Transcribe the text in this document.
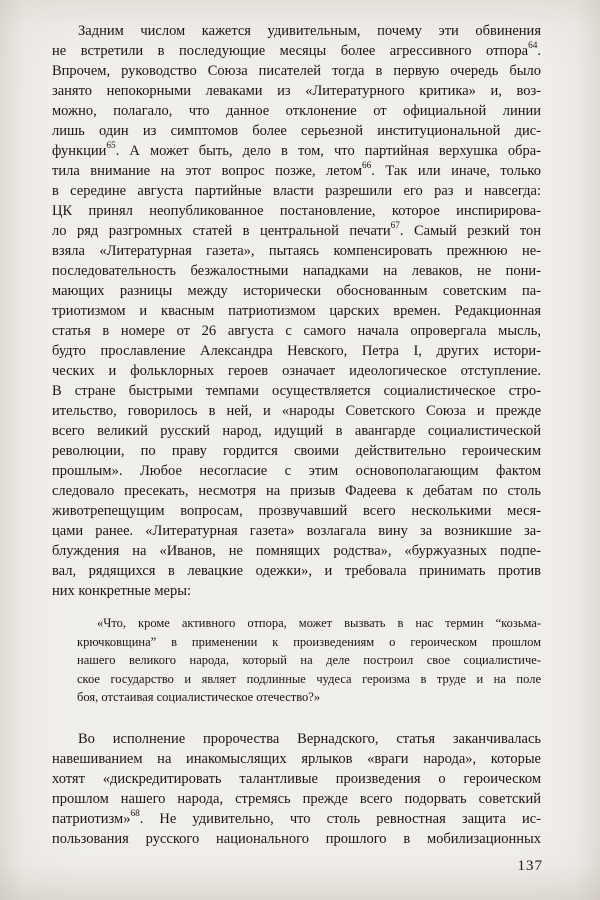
Задним числом кажется удивительным, почему эти обвинения
не встретили в последующие месяцы более агрессивного отпора$^{64}$.
Впрочем, руководство Союза писателей тогда в первую очередь было
занято непокорными леваками из «Литературного критика» и, воз-
можно, полагало, что данное отклонение от официальной линии
лишь один из симптомов более серьезной институциональной дис-
функции$^{65}$. А может быть, дело в том, что партийная верхушка обра-
тила внимание на этот вопрос позже, летом$^{66}$. Так или иначе, только
в середине августа партийные власти разрешили его раз и навсегда:
ЦК принял неопубликованное постановление, которое инспирирова-
ло ряд разгромных статей в центральной печати$^{67}$. Самый резкий тон
взяла «Литературная газета», пытаясь компенсировать прежнюю не-
последовательность безжалостными нападками на леваков, не пони-
мающих разницы между исторически обоснованным советским па-
триотизмом и квасным патриотизмом царских времен. Редакционная
статья в номере от 26 августа с самого начала опровергала мысль,
будто прославление Александра Невского, Петра I, других истори-
ческих и фольклорных героев означает идеологическое отступление.
В стране быстрыми темпами осуществляется социалистическое стро-
ительство, говорилось в ней, и «народы Советского Союза и прежде
всего великий русский народ, идущий в авангарде социалистической
революции, по праву гордится своими действительно героическим
прошлым». Любое несогласие с этим основополагающим фактом
следовало пресекать, несмотря на призыв Фадеева к дебатам по столь
животрепещущим вопросам, прозвучавший всего несколькими меся-
цами ранее. «Литературная газета» возлагала вину за возникшие за-
блуждения на «Иванов, не помнящих родства», «буржуазных подпе-
вал, рядящихся в левацкие одежки», и требовала принимать против
них конкретные меры:
«Что, кроме активного отпора, может вызвать в нас термин “козьма-
крючковщина” в применении к произведениям о героическом прошлом
нашего великого народа, который на деле построил свое социалистиче-
ское государство и являет подлинные чудеса героизма в труде и на поле
боя, отстаивая социалистическое отечество?»
Во исполнение пророчества Вернадского, статья заканчивалась
навешиванием на инакомыслящих ярлыков «враги народа», которые
хотят «дискредитировать талантливые произведения о героическом
прошлом нашего народа, стремясь прежде всего подорвать советский
патриотизм»$^{68}$. Не удивительно, что столь ревностная защита ис-
пользования русского национального прошлого в мобилизационных
137
